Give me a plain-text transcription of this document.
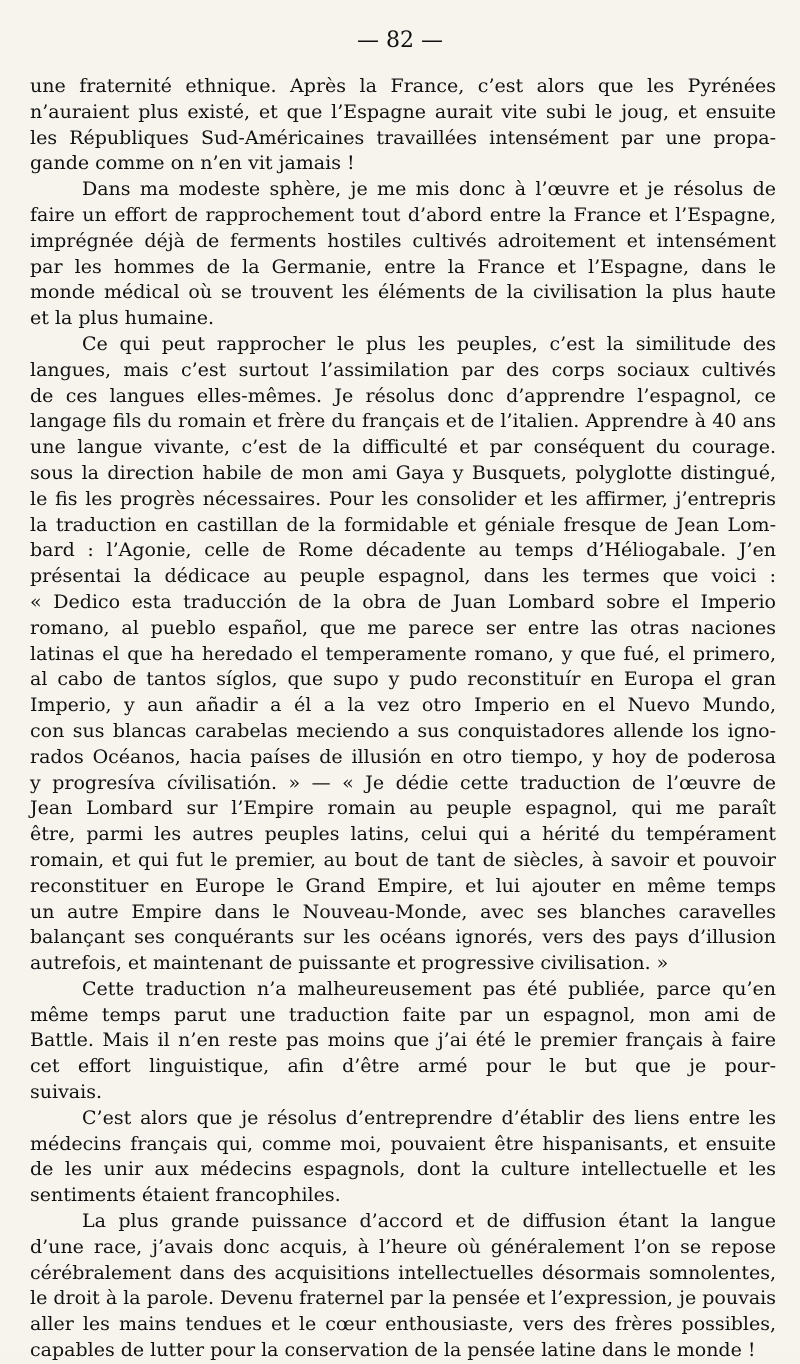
— 82 —

une fraternité ethnique. Après la France, c’est alors que les Pyrénées
n’auraient plus existé, et que l’Espagne aurait vite subi le joug, et ensuite
les Républiques Sud-Américaines travaillées intensément par une propa-
gande comme on n’en vit jamais !

Dans ma modeste sphère, je me mis donc à l’œuvre et je résolus de
faire un effort de rapprochement tout d’abord entre la France et l’Espagne,
imprégnée déjà de ferments hostiles cultivés adroitement et intensément
par les hommes de la Germanie, entre la France et l’Espagne, dans le
monde médical où se trouvent les éléments de la civilisation la plus haute
et la plus humaine.

Ce qui peut rapprocher le plus les peuples, c’est la similitude des
langues, mais c’est surtout l’assimilation par des corps sociaux cultivés
de ces langues elles-mêmes. Je résolus donc d’apprendre l’espagnol, ce
langage fils du romain et frère du français et de l’italien. Apprendre à 40 ans
une langue vivante, c’est de la difficulté et par conséquent du courage.
sous la direction habile de mon ami Gaya y Busquets, polyglotte distingué,
le fis les progrès nécessaires. Pour les consolider et les affirmer, j’entrepris
la traduction en castillan de la formidable et géniale fresque de Jean Lom-
bard : l’Agonie, celle de Rome décadente au temps d’Héliogabale. J’en
présentai la dédicace au peuple espagnol, dans les termes que voici :
« Dedico esta traducción de la obra de Juan Lombard sobre el Imperio
romano, al pueblo español, que me parece ser entre las otras naciones
latinas el que ha heredado el temperamente romano, y que fué, el primero,
al cabo de tantos síglos, que supo y pudo reconstituír en Europa el gran
Imperio, y aun añadir a él a la vez otro Imperio en el Nuevo Mundo,
con sus blancas carabelas meciendo a sus conquistadores allende los igno-
rados Océanos, hacia países de illusión en otro tiempo, y hoy de poderosa
y progresíva cívilisatión. » — « Je dédie cette traduction de l’œuvre de
Jean Lombard sur l’Empire romain au peuple espagnol, qui me paraît
être, parmi les autres peuples latins, celui qui a hérité du tempérament
romain, et qui fut le premier, au bout de tant de siècles, à savoir et pouvoir
reconstituer en Europe le Grand Empire, et lui ajouter en même temps
un autre Empire dans le Nouveau-Monde, avec ses blanches caravelles
balançant ses conquérants sur les océans ignorés, vers des pays d’illusion
autrefois, et maintenant de puissante et progressive civilisation. »

Cette traduction n’a malheureusement pas été publiée, parce qu’en
même temps parut une traduction faite par un espagnol, mon ami de
Battle. Mais il n’en reste pas moins que j’ai été le premier français à faire
cet effort linguistique, afin d’être armé pour le but que je pour-
suivais.

C’est alors que je résolus d’entreprendre d’établir des liens entre les
médecins français qui, comme moi, pouvaient être hispanisants, et ensuite
de les unir aux médecins espagnols, dont la culture intellectuelle et les
sentiments étaient francophiles.

La plus grande puissance d’accord et de diffusion étant la langue
d’une race, j’avais donc acquis, à l’heure où généralement l’on se repose
cérébralement dans des acquisitions intellectuelles désormais somnolentes,
le droit à la parole. Devenu fraternel par la pensée et l’expression, je pouvais
aller les mains tendues et le cœur enthousiaste, vers des frères possibles,
capables de lutter pour la conservation de la pensée latine dans le monde !
